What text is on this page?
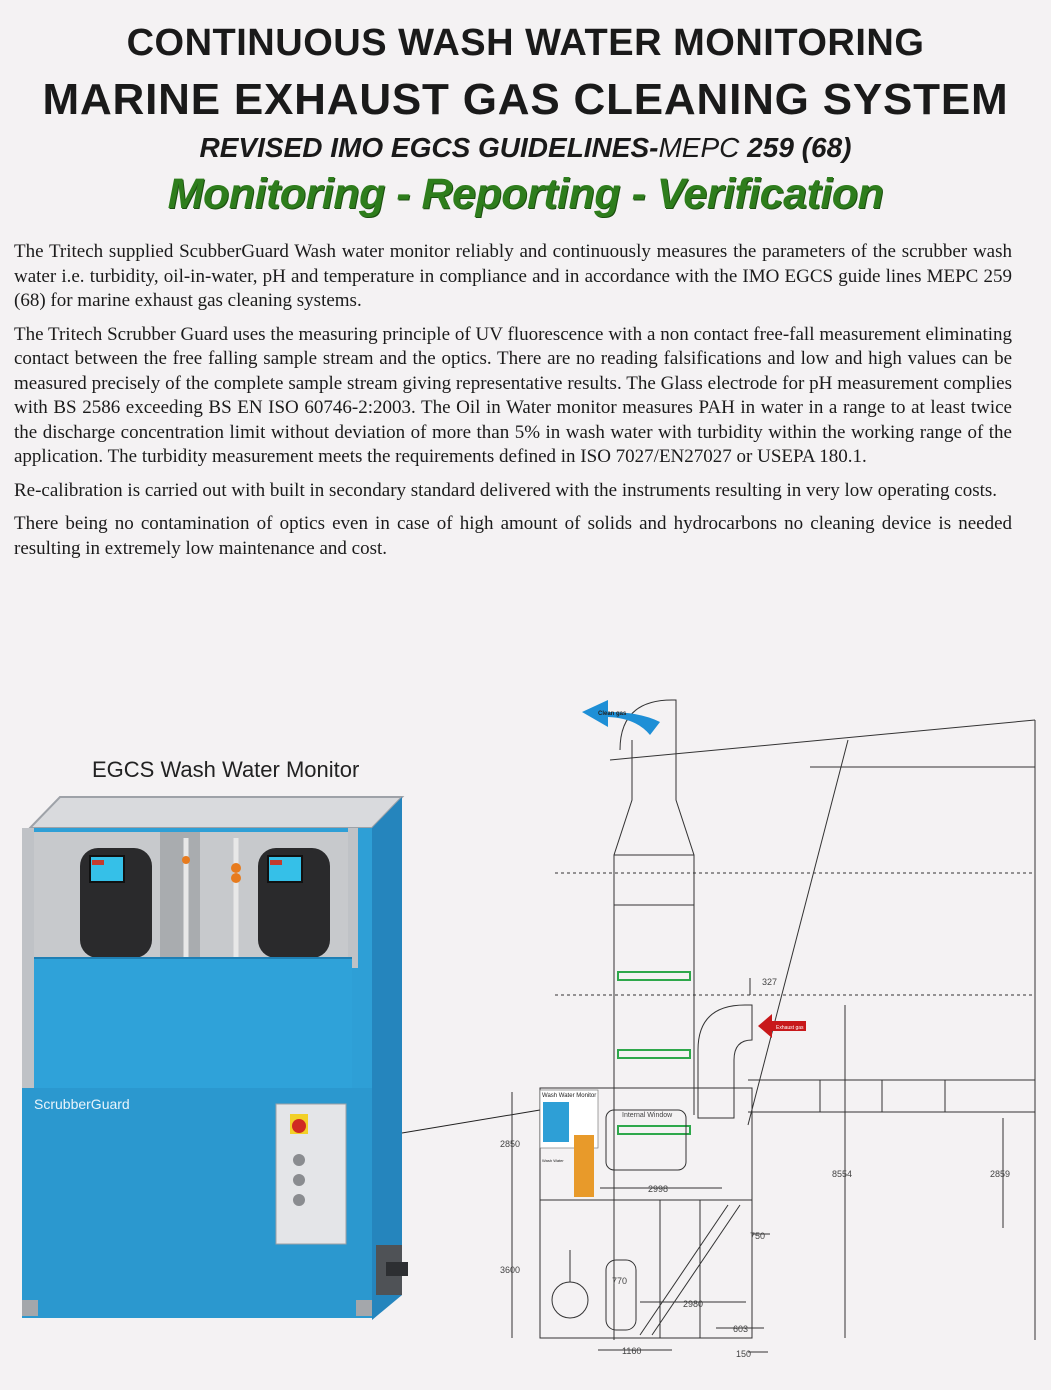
CONTINUOUS WASH WATER MONITORING
MARINE EXHAUST GAS CLEANING SYSTEM
REVISED IMO EGCS GUIDELINES-MEPC 259 (68)
Monitoring - Reporting - Verification

The Tritech supplied ScubberGuard Wash water monitor reliably and continuously measures the parameters of the scrubber wash water i.e. turbidity, oil-in-water, pH and temperature in compliance and in accordance with the IMO EGCS guide lines MEPC 259 (68) for marine exhaust gas cleaning systems.

The Tritech Scrubber Guard uses the measuring principle of UV fluorescence with a non contact free-fall measurement eliminating contact between the free falling sample stream and the optics. There are no reading falsifications and low and high values can be measured precisely of the complete sample stream giving representative results. The Glass electrode for pH measurement complies with BS 2586 exceeding BS EN ISO 60746-2:2003. The Oil in Water monitor measures PAH in water in a range to at least twice the discharge concentration limit without deviation of more than 5% in wash water with turbidity within the working range of the application. The turbidity measurement meets the requirements defined in ISO 7027/EN27027 or USEPA 180.1.

Re-calibration is carried out with built in secondary standard delivered with the instruments resulting in very low operating costs.

There being no contamination of optics even in case of high amount of solids and hydrocarbons no cleaning device is needed resulting in extremely low maintenance and cost.

EGCS Wash Water Monitor
ScrubberGuard
Clean gas
Exhaust gas
Wash Water Monitor
Wash Water
Internal Window
327
2850
2998
8554	2859
750
3600
770
2980
603
1160	150
